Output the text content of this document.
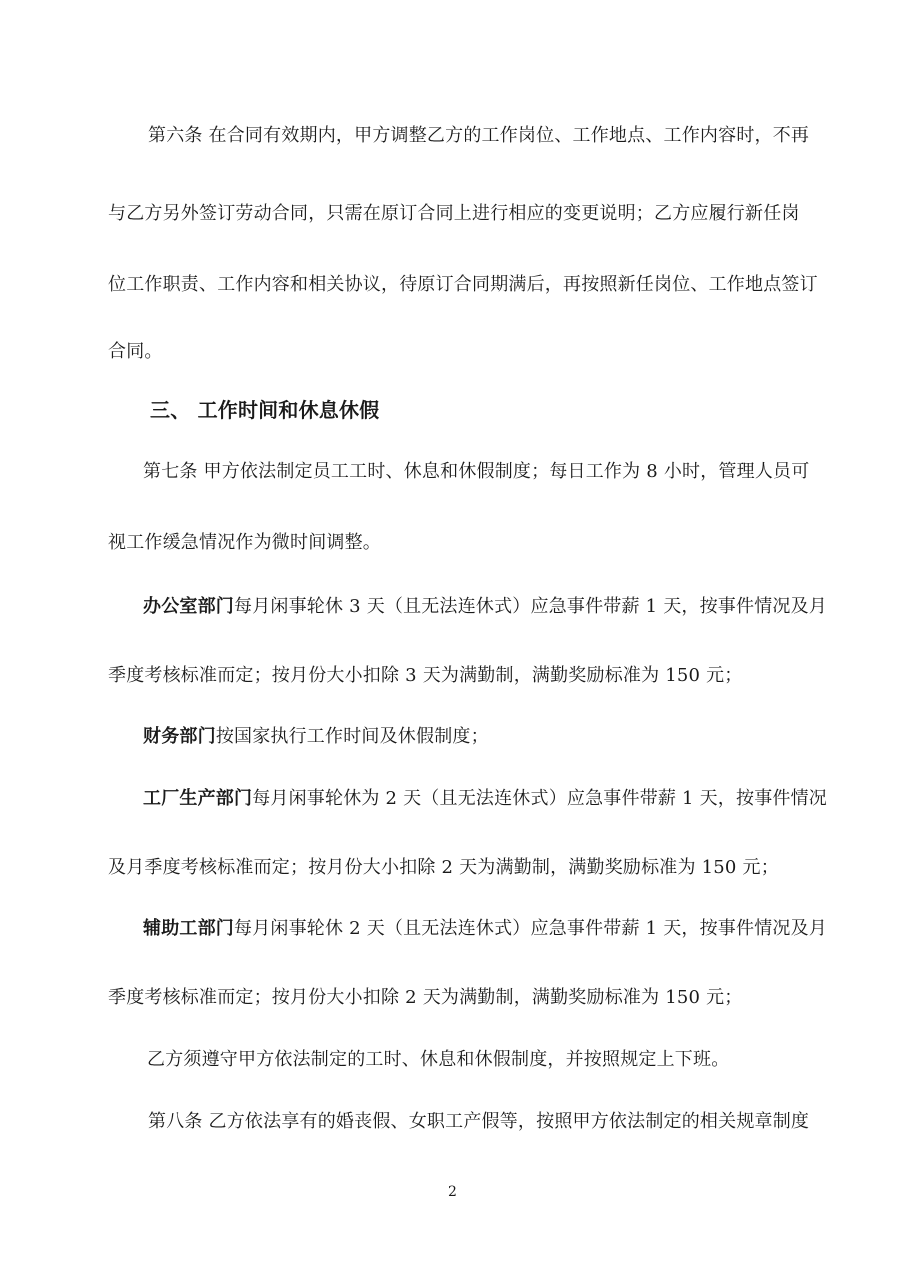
第六条 在合同有效期内，甲方调整乙方的工作岗位、工作地点、工作内容时，不再
与乙方另外签订劳动合同，只需在原订合同上进行相应的变更说明；乙方应履行新任岗
位工作职责、工作内容和相关协议，待原订合同期满后，再按照新任岗位、工作地点签订
合同。
三、 工作时间和休息休假
第七条 甲方依法制定员工工时、休息和休假制度；每日工作为 8 小时，管理人员可
视工作缓急情况作为微时间调整。
办公室部门每月闲事轮休 3 天（且无法连休式）应急事件带薪 1 天，按事件情况及月
季度考核标准而定；按月份大小扣除 3 天为满勤制，满勤奖励标准为 150 元；
财务部门按国家执行工作时间及休假制度；
工厂生产部门每月闲事轮休为 2 天（且无法连休式）应急事件带薪 1 天，按事件情况
及月季度考核标准而定；按月份大小扣除 2 天为满勤制，满勤奖励标准为 150 元；
辅助工部门每月闲事轮休 2 天（且无法连休式）应急事件带薪 1 天，按事件情况及月
季度考核标准而定；按月份大小扣除 2 天为满勤制，满勤奖励标准为 150 元；
乙方须遵守甲方依法制定的工时、休息和休假制度，并按照规定上下班。
第八条 乙方依法享有的婚丧假、女职工产假等，按照甲方依法制定的相关规章制度
2
